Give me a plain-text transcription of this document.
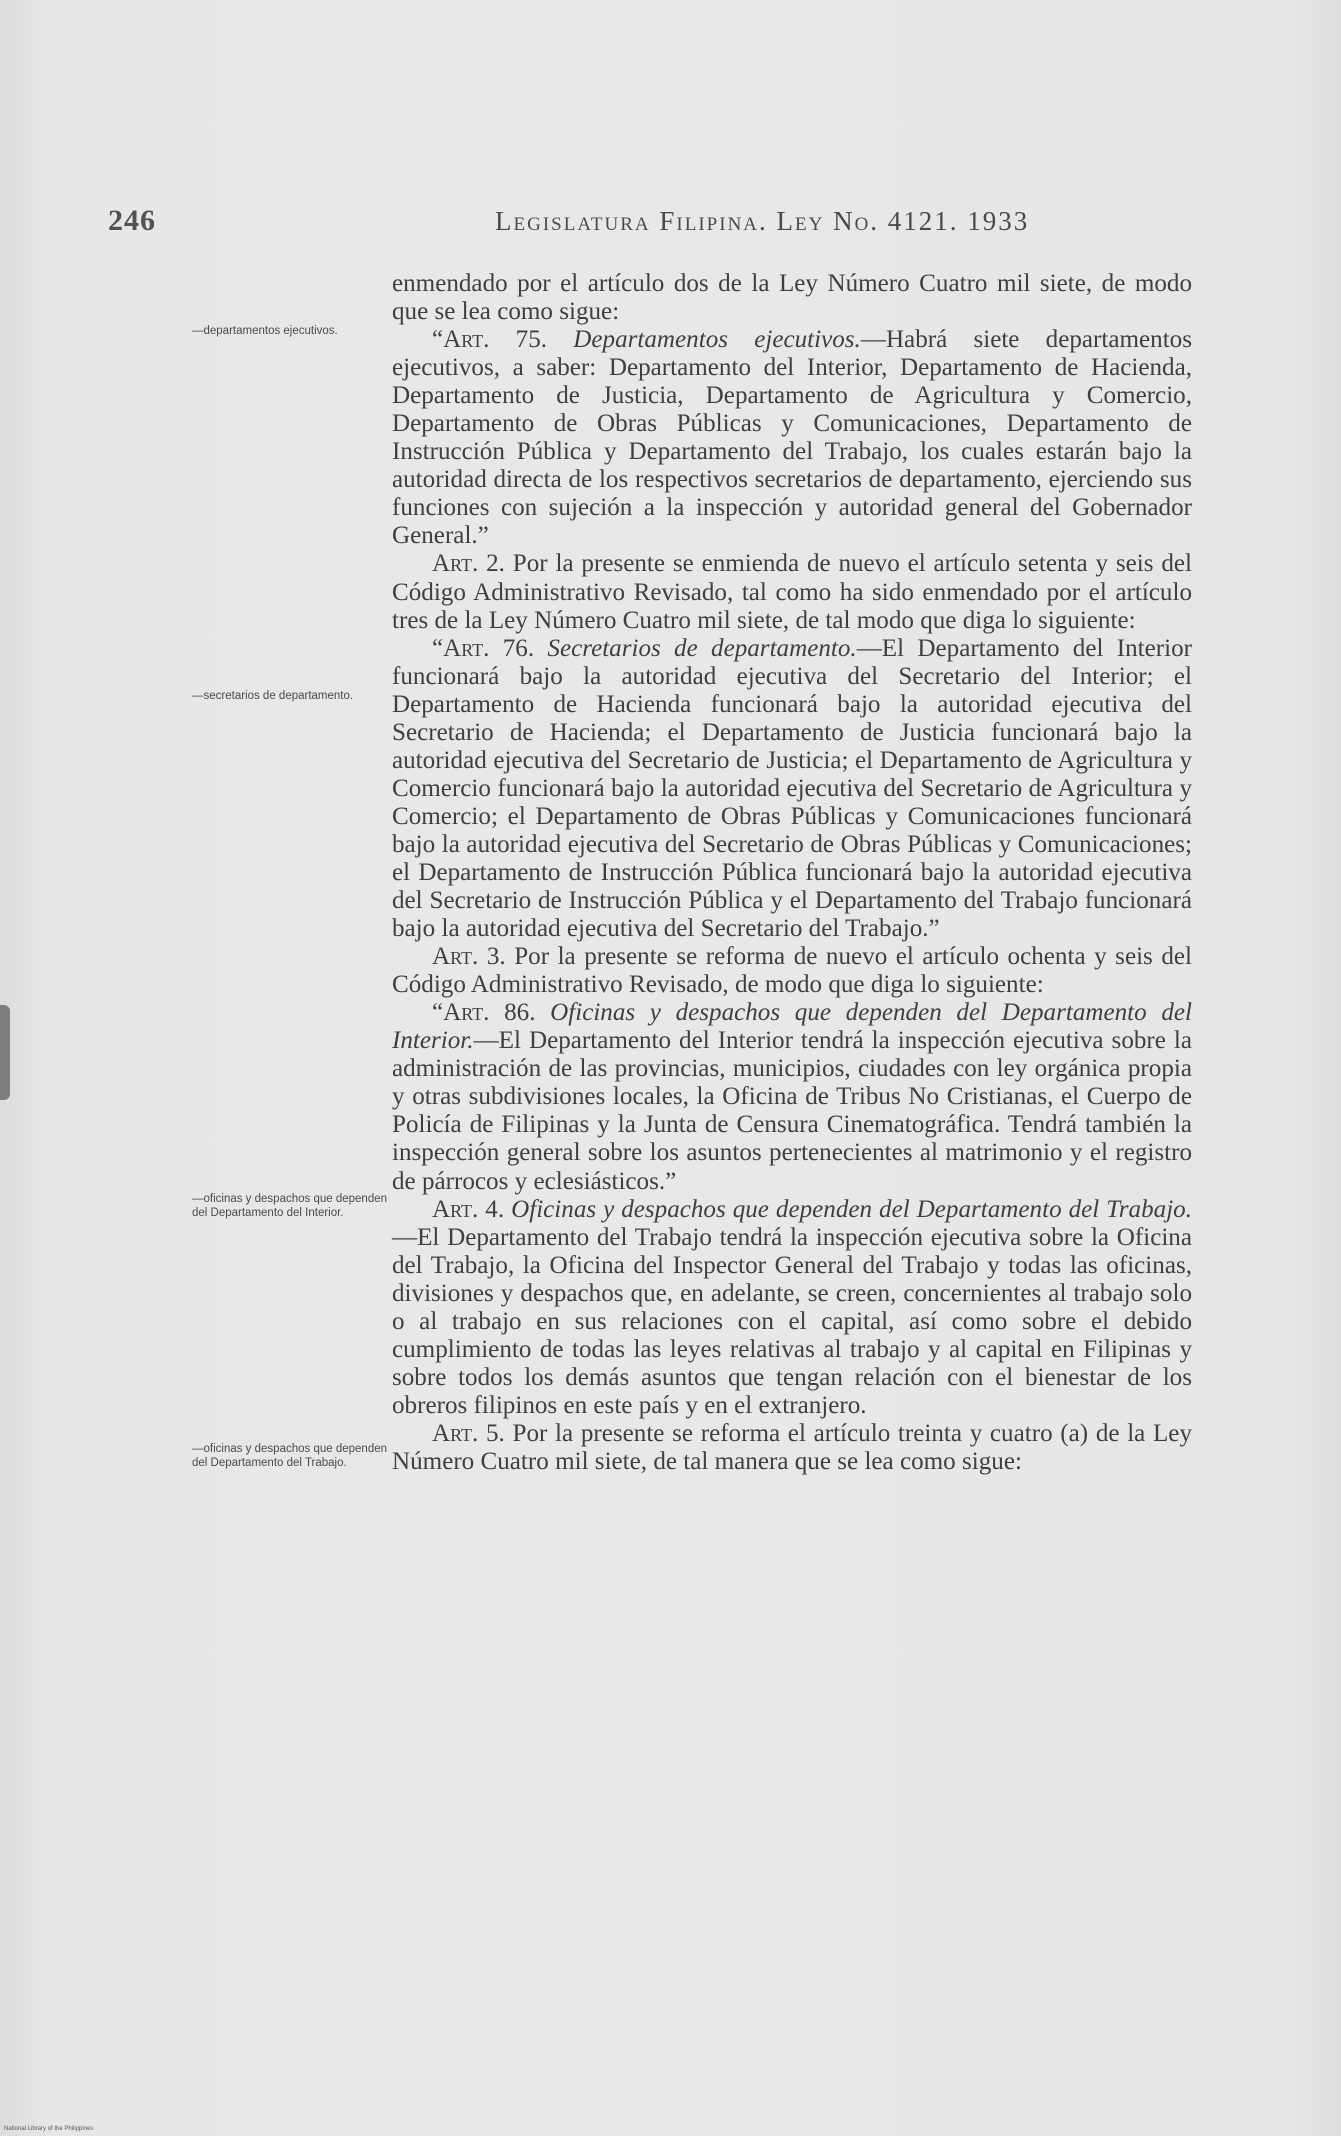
246	Legislatura Filipina. Ley No. 4121. 1933
—departamentos ejecutivos.
—secretarios de departamento.
—oficinas y despachos que dependen del Departamento del Interior.
—oficinas y despachos que dependen del Departamento del Trabajo.

enmendado por el artículo dos de la Ley Número Cuatro mil siete, de modo que se lea como sigue:

“Art. 75. Departamentos ejecutivos.—Habrá siete departamentos ejecutivos, a saber: Departamento del Interior, Departamento de Hacienda, Departamento de Justicia, Departamento de Agricultura y Comercio, Departamento de Obras Públicas y Comunicaciones, Departamento de Instrucción Pública y Departamento del Trabajo, los cuales estarán bajo la autoridad directa de los respectivos secretarios de departamento, ejerciendo sus funciones con sujeción a la inspección y autoridad general del Gobernador General.”

Art. 2. Por la presente se enmienda de nuevo el artículo setenta y seis del Código Administrativo Revisado, tal como ha sido enmendado por el artículo tres de la Ley Número Cuatro mil siete, de tal modo que diga lo siguiente:

“Art. 76. Secretarios de departamento.—El Departamento del Interior funcionará bajo la autoridad ejecutiva del Secretario del Interior; el Departamento de Hacienda funcionará bajo la autoridad ejecutiva del Secretario de Hacienda; el Departamento de Justicia funcionará bajo la autoridad ejecutiva del Secretario de Justicia; el Departamento de Agricultura y Comercio funcionará bajo la autoridad ejecutiva del Secretario de Agricultura y Comercio; el Departamento de Obras Públicas y Comunicaciones funcionará bajo la autoridad ejecutiva del Secretario de Obras Públicas y Comunicaciones; el Departamento de Instrucción Pública funcionará bajo la autoridad ejecutiva del Secretario de Instrucción Pública y el Departamento del Trabajo funcionará bajo la autoridad ejecutiva del Secretario del Trabajo.”

Art. 3. Por la presente se reforma de nuevo el artículo ochenta y seis del Código Administrativo Revisado, de modo que diga lo siguiente:

“Art. 86. Oficinas y despachos que dependen del Departamento del Interior.—El Departamento del Interior tendrá la inspección ejecutiva sobre la administración de las provincias, municipios, ciudades con ley orgánica propia y otras subdivisiones locales, la Oficina de Tribus No Cristianas, el Cuerpo de Policía de Filipinas y la Junta de Censura Cinematográfica. Tendrá también la inspección general sobre los asuntos pertenecientes al matrimonio y el registro de párrocos y eclesiásticos.”

Art. 4. Oficinas y despachos que dependen del Departamento del Trabajo.—El Departamento del Trabajo tendrá la inspección ejecutiva sobre la Oficina del Trabajo, la Oficina del Inspector General del Trabajo y todas las oficinas, divisiones y despachos que, en adelante, se creen, concernientes al trabajo solo o al trabajo en sus relaciones con el capital, así como sobre el debido cumplimiento de todas las leyes relativas al trabajo y al capital en Filipinas y sobre todos los demás asuntos que tengan relación con el bienestar de los obreros filipinos en este país y en el extranjero.

Art. 5. Por la presente se reforma el artículo treinta y cuatro (a) de la Ley Número Cuatro mil siete, de tal manera que se lea como sigue:

National Library of the Philippines
